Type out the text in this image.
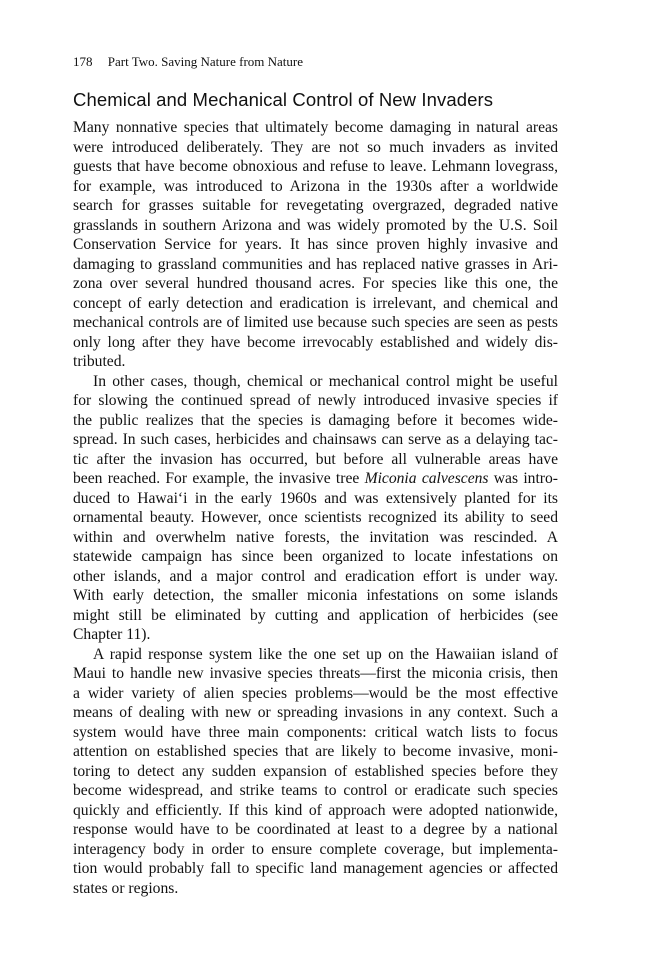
178 Part Two. Saving Nature from Nature
Chemical and Mechanical Control of New Invaders

Many nonnative species that ultimately become damaging in natural areas
were introduced deliberately. They are not so much invaders as invited
guests that have become obnoxious and refuse to leave. Lehmann lovegrass,
for example, was introduced to Arizona in the 1930s after a worldwide
search for grasses suitable for revegetating overgrazed, degraded native
grasslands in southern Arizona and was widely promoted by the U.S. Soil
Conservation Service for years. It has since proven highly invasive and
damaging to grassland communities and has replaced native grasses in Ari-
zona over several hundred thousand acres. For species like this one, the
concept of early detection and eradication is irrelevant, and chemical and
mechanical controls are of limited use because such species are seen as pests
only long after they have become irrevocably established and widely dis-
tributed.

In other cases, though, chemical or mechanical control might be useful
for slowing the continued spread of newly introduced invasive species if
the public realizes that the species is damaging before it becomes wide-
spread. In such cases, herbicides and chainsaws can serve as a delaying tac-
tic after the invasion has occurred, but before all vulnerable areas have
been reached. For example, the invasive tree Miconia calvescens was intro-
duced to Hawai‘i in the early 1960s and was extensively planted for its
ornamental beauty. However, once scientists recognized its ability to seed
within and overwhelm native forests, the invitation was rescinded. A
statewide campaign has since been organized to locate infestations on
other islands, and a major control and eradication effort is under way.
With early detection, the smaller miconia infestations on some islands
might still be eliminated by cutting and application of herbicides (see
Chapter 11).

A rapid response system like the one set up on the Hawaiian island of
Maui to handle new invasive species threats—first the miconia crisis, then
a wider variety of alien species problems—would be the most effective
means of dealing with new or spreading invasions in any context. Such a
system would have three main components: critical watch lists to focus
attention on established species that are likely to become invasive, moni-
toring to detect any sudden expansion of established species before they
become widespread, and strike teams to control or eradicate such species
quickly and efficiently. If this kind of approach were adopted nationwide,
response would have to be coordinated at least to a degree by a national
interagency body in order to ensure complete coverage, but implementa-
tion would probably fall to specific land management agencies or affected
states or regions.
